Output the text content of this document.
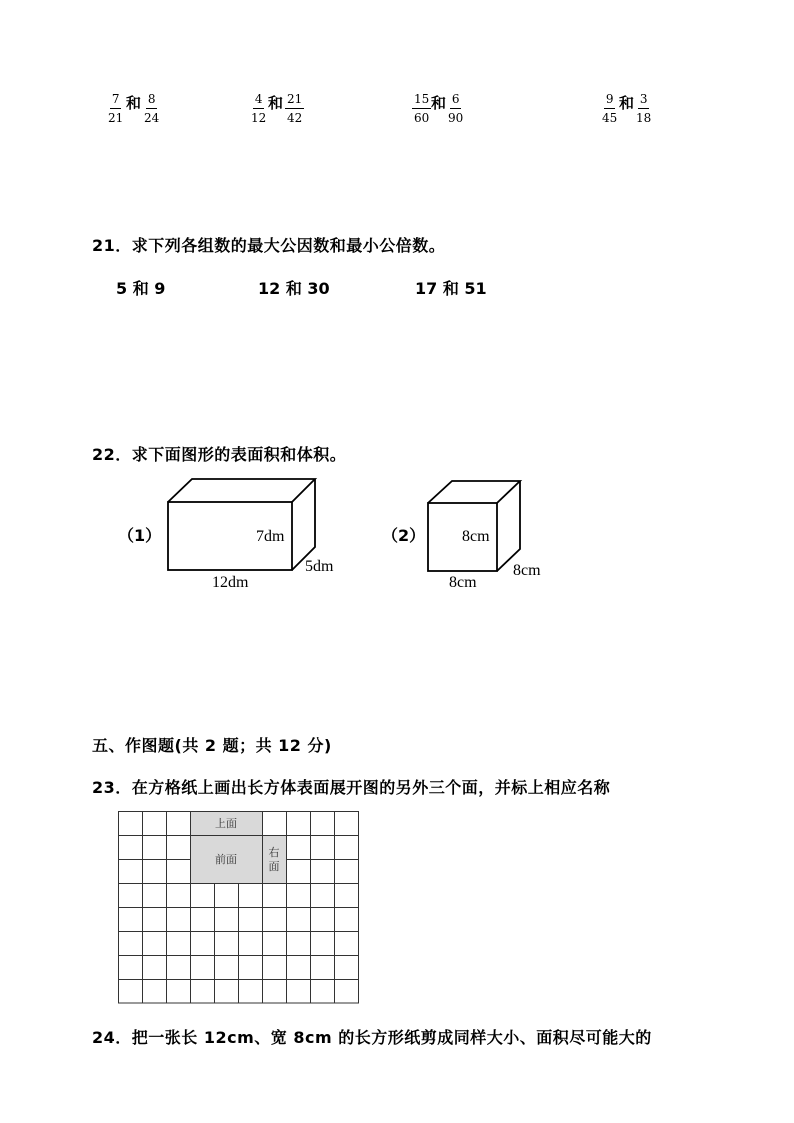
$\frac{7}{21}$ 和 $\frac{8}{24}$	$\frac{4}{12}$ 和 $\frac{21}{42}$	$\frac{15}{60}$ 和 $\frac{6}{90}$	$\frac{9}{45}$ 和 $\frac{3}{18}$
21．求下列各组数的最大公因数和最小公倍数。
5 和 9	12 和 30	17 和 51
22．求下面图形的表面积和体积。
（1）	7dm
5dm
12dm
（2） 8cm
8cm
8cm
五、作图题(共 2 题；共 12 分)
23．在方格纸上画出长方体表面展开图的另外三个面，并标上相应名称
上面
前面
右
面
24．把一张长 12cm、宽 8cm 的长方形纸剪成同样大小、面积尽可能大的
